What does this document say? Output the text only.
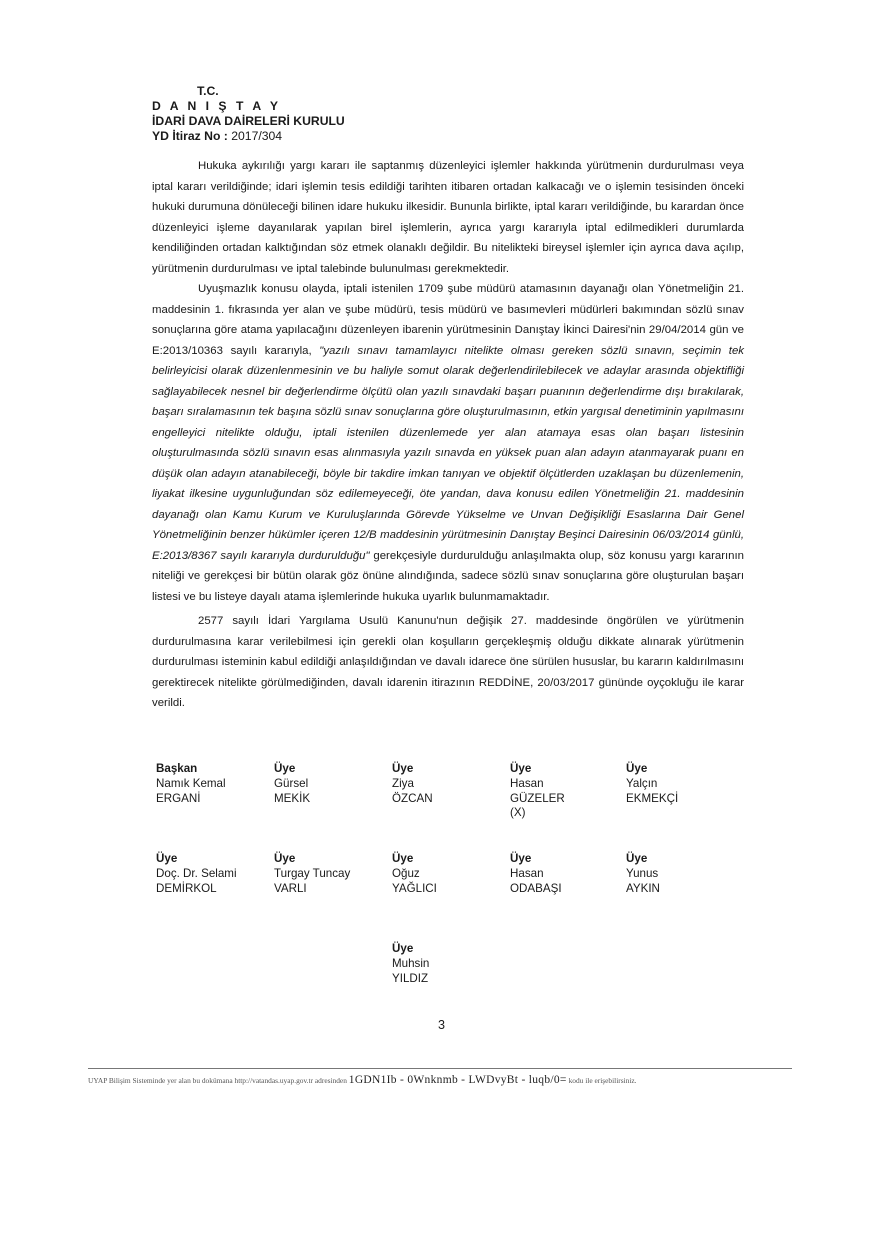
T.C.
D A N I Ş T A Y
İDARİ DAVA DAİRELERİ KURULU
YD İtiraz No : 2017/304

Hukuka aykırılığı yargı kararı ile saptanmış düzenleyici işlemler hakkında yürütmenin durdurulması veya iptal kararı verildiğinde; idari işlemin tesis edildiği tarihten itibaren ortadan kalkacağı ve o işlemin tesisinden önceki hukuki durumuna dönüleceği bilinen idare hukuku ilkesidir. Bununla birlikte, iptal kararı verildiğinde, bu karardan önce düzenleyici işleme dayanılarak yapılan birel işlemlerin, ayrıca yargı kararıyla iptal edilmedikleri durumlarda kendiliğinden ortadan kalktığından söz etmek olanaklı değildir. Bu nitelikteki bireysel işlemler için ayrıca dava açılıp, yürütmenin durdurulması ve iptal talebinde bulunulması gerekmektedir.

Uyuşmazlık konusu olayda, iptali istenilen 1709 şube müdürü atamasının dayanağı olan Yönetmeliğin 21. maddesinin 1. fıkrasında yer alan ve şube müdürü, tesis müdürü ve basımevleri müdürleri bakımından sözlü sınav sonuçlarına göre atama yapılacağını düzenleyen ibarenin yürütmesinin Danıştay İkinci Dairesi'nin 29/04/2014 gün ve E:2013/10363 sayılı kararıyla, "yazılı sınavı tamamlayıcı nitelikte olması gereken sözlü sınavın, seçimin tek belirleyicisi olarak düzenlenmesinin ve bu haliyle somut olarak değerlendirilebilecek ve adaylar arasında objektifliği sağlayabilecek nesnel bir değerlendirme ölçütü olan yazılı sınavdaki başarı puanının değerlendirme dışı bırakılarak, başarı sıralamasının tek başına sözlü sınav sonuçlarına göre oluşturulmasının, etkin yargısal denetiminin yapılmasını engelleyici nitelikte olduğu, iptali istenilen düzenlemede yer alan atamaya esas olan başarı listesinin oluşturulmasında sözlü sınavın esas alınmasıyla yazılı sınavda en yüksek puan alan adayın atanmayarak puanı en düşük olan adayın atanabileceği, böyle bir takdire imkan tanıyan ve objektif ölçütlerden uzaklaşan bu düzenlemenin, liyakat ilkesine uygunluğundan söz edilemeyeceği, öte yandan, dava konusu edilen Yönetmeliğin 21. maddesinin dayanağı olan Kamu Kurum ve Kuruluşlarında Görevde Yükselme ve Unvan Değişikliği Esaslarına Dair Genel Yönetmeliğinin benzer hükümler içeren 12/B maddesinin yürütmesinin Danıştay Beşinci Dairesinin 06/03/2014 günlü, E:2013/8367 sayılı kararıyla durdurulduğu" gerekçesiyle durdurulduğu anlaşılmakta olup, söz konusu yargı kararının niteliği ve gerekçesi bir bütün olarak göz önüne alındığında, sadece sözlü sınav sonuçlarına göre oluşturulan başarı listesi ve bu listeye dayalı atama işlemlerinde hukuka uyarlık bulunmamaktadır.

2577 sayılı İdari Yargılama Usulü Kanunu'nun değişik 27. maddesinde öngörülen ve yürütmenin durdurulmasına karar verilebilmesi için gerekli olan koşulların gerçekleşmiş olduğu dikkate alınarak yürütmenin durdurulması isteminin kabul edildiği anlaşıldığından ve davalı idarece öne sürülen hususlar, bu kararın kaldırılmasını gerektirecek nitelikte görülmediğinden, davalı idarenin itirazının REDDİNE, 20/03/2017 gününde oyçokluğu ile karar verildi.

Başkan
Namık Kemal
ERGANİ
Üye
Gürsel
MEKİK
Üye
Ziya
ÖZCAN
Üye
Hasan
GÜZELER
(X)
Üye
Yalçın
EKMEKÇİ
Üye
Doç. Dr. Selami
DEMİRKOL
Üye
Turgay Tuncay
VARLI
Üye
Oğuz
YAĞLICI
Üye
Hasan
ODABAŞI
Üye
Yunus
AYKIN
Üye
Muhsin
YILDIZ
3
UYAP Bilişim Sisteminde yer alan bu dokümana http://vatandas.uyap.gov.tr adresinden 1GDN1Ib - 0Wnknmb - LWDvyBt - luqb/0= kodu ile erişebilirsiniz.
